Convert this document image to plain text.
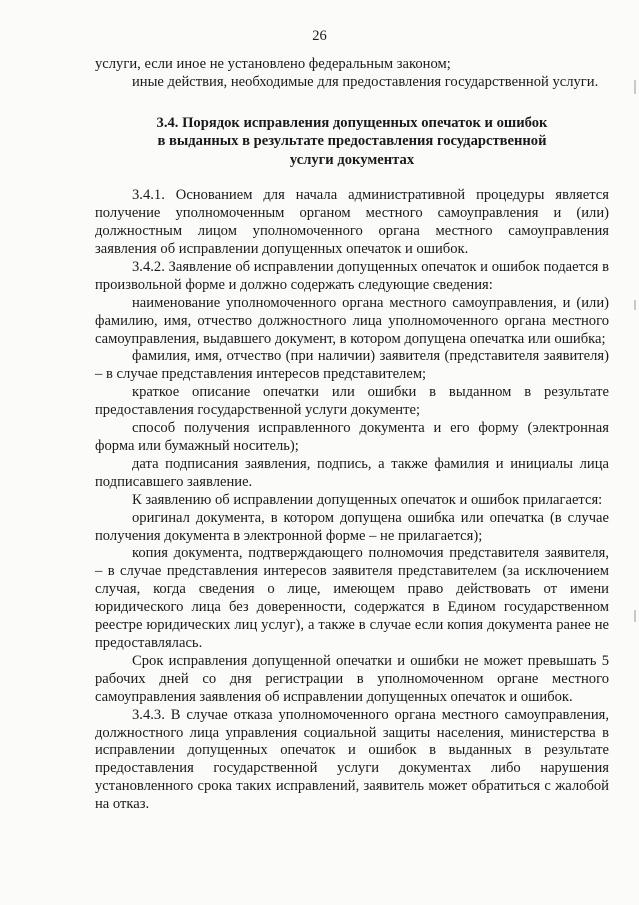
26

услуги, если иное не установлено федеральным законом;

иные действия, необходимые для предоставления государственной услуги.

3.4. Порядок исправления допущенных опечаток и ошибок в выданных в результате предоставления государственной услуги документах

3.4.1. Основанием для начала административной процедуры является получение уполномоченным органом местного самоуправления и (или) должностным лицом уполномоченного органа местного самоуправления заявления об исправлении допущенных опечаток и ошибок.

3.4.2. Заявление об исправлении допущенных опечаток и ошибок подается в произвольной форме и должно содержать следующие сведения:

наименование уполномоченного органа местного самоуправления, и (или) фамилию, имя, отчество должностного лица уполномоченного органа местного самоуправления, выдавшего документ, в котором допущена опечатка или ошибка;

фамилия, имя, отчество (при наличии) заявителя (представителя заявителя) – в случае представления интересов представителем;

краткое описание опечатки или ошибки в выданном в результате предоставления государственной услуги документе;

способ получения исправленного документа и его форму (электронная форма или бумажный носитель);

дата подписания заявления, подпись, а также фамилия и инициалы лица подписавшего заявление.

К заявлению об исправлении допущенных опечаток и ошибок прилагается:

оригинал документа, в котором допущена ошибка или опечатка (в случае получения документа в электронной форме – не прилагается);

копия документа, подтверждающего полномочия представителя заявителя, – в случае представления интересов заявителя представителем (за исключением случая, когда сведения о лице, имеющем право действовать от имени юридического лица без доверенности, содержатся в Едином государственном реестре юридических лиц услуг), а также в случае если копия документа ранее не предоставлялась.

Срок исправления допущенной опечатки и ошибки не может превышать 5 рабочих дней со дня регистрации в уполномоченном органе местного самоуправления заявления об исправлении допущенных опечаток и ошибок.

3.4.3. В случае отказа уполномоченного органа местного самоуправления, должностного лица управления социальной защиты населения, министерства в исправлении допущенных опечаток и ошибок в выданных в результате предоставления государственной услуги документах либо нарушения установленного срока таких исправлений, заявитель может обратиться с жалобой на отказ.
